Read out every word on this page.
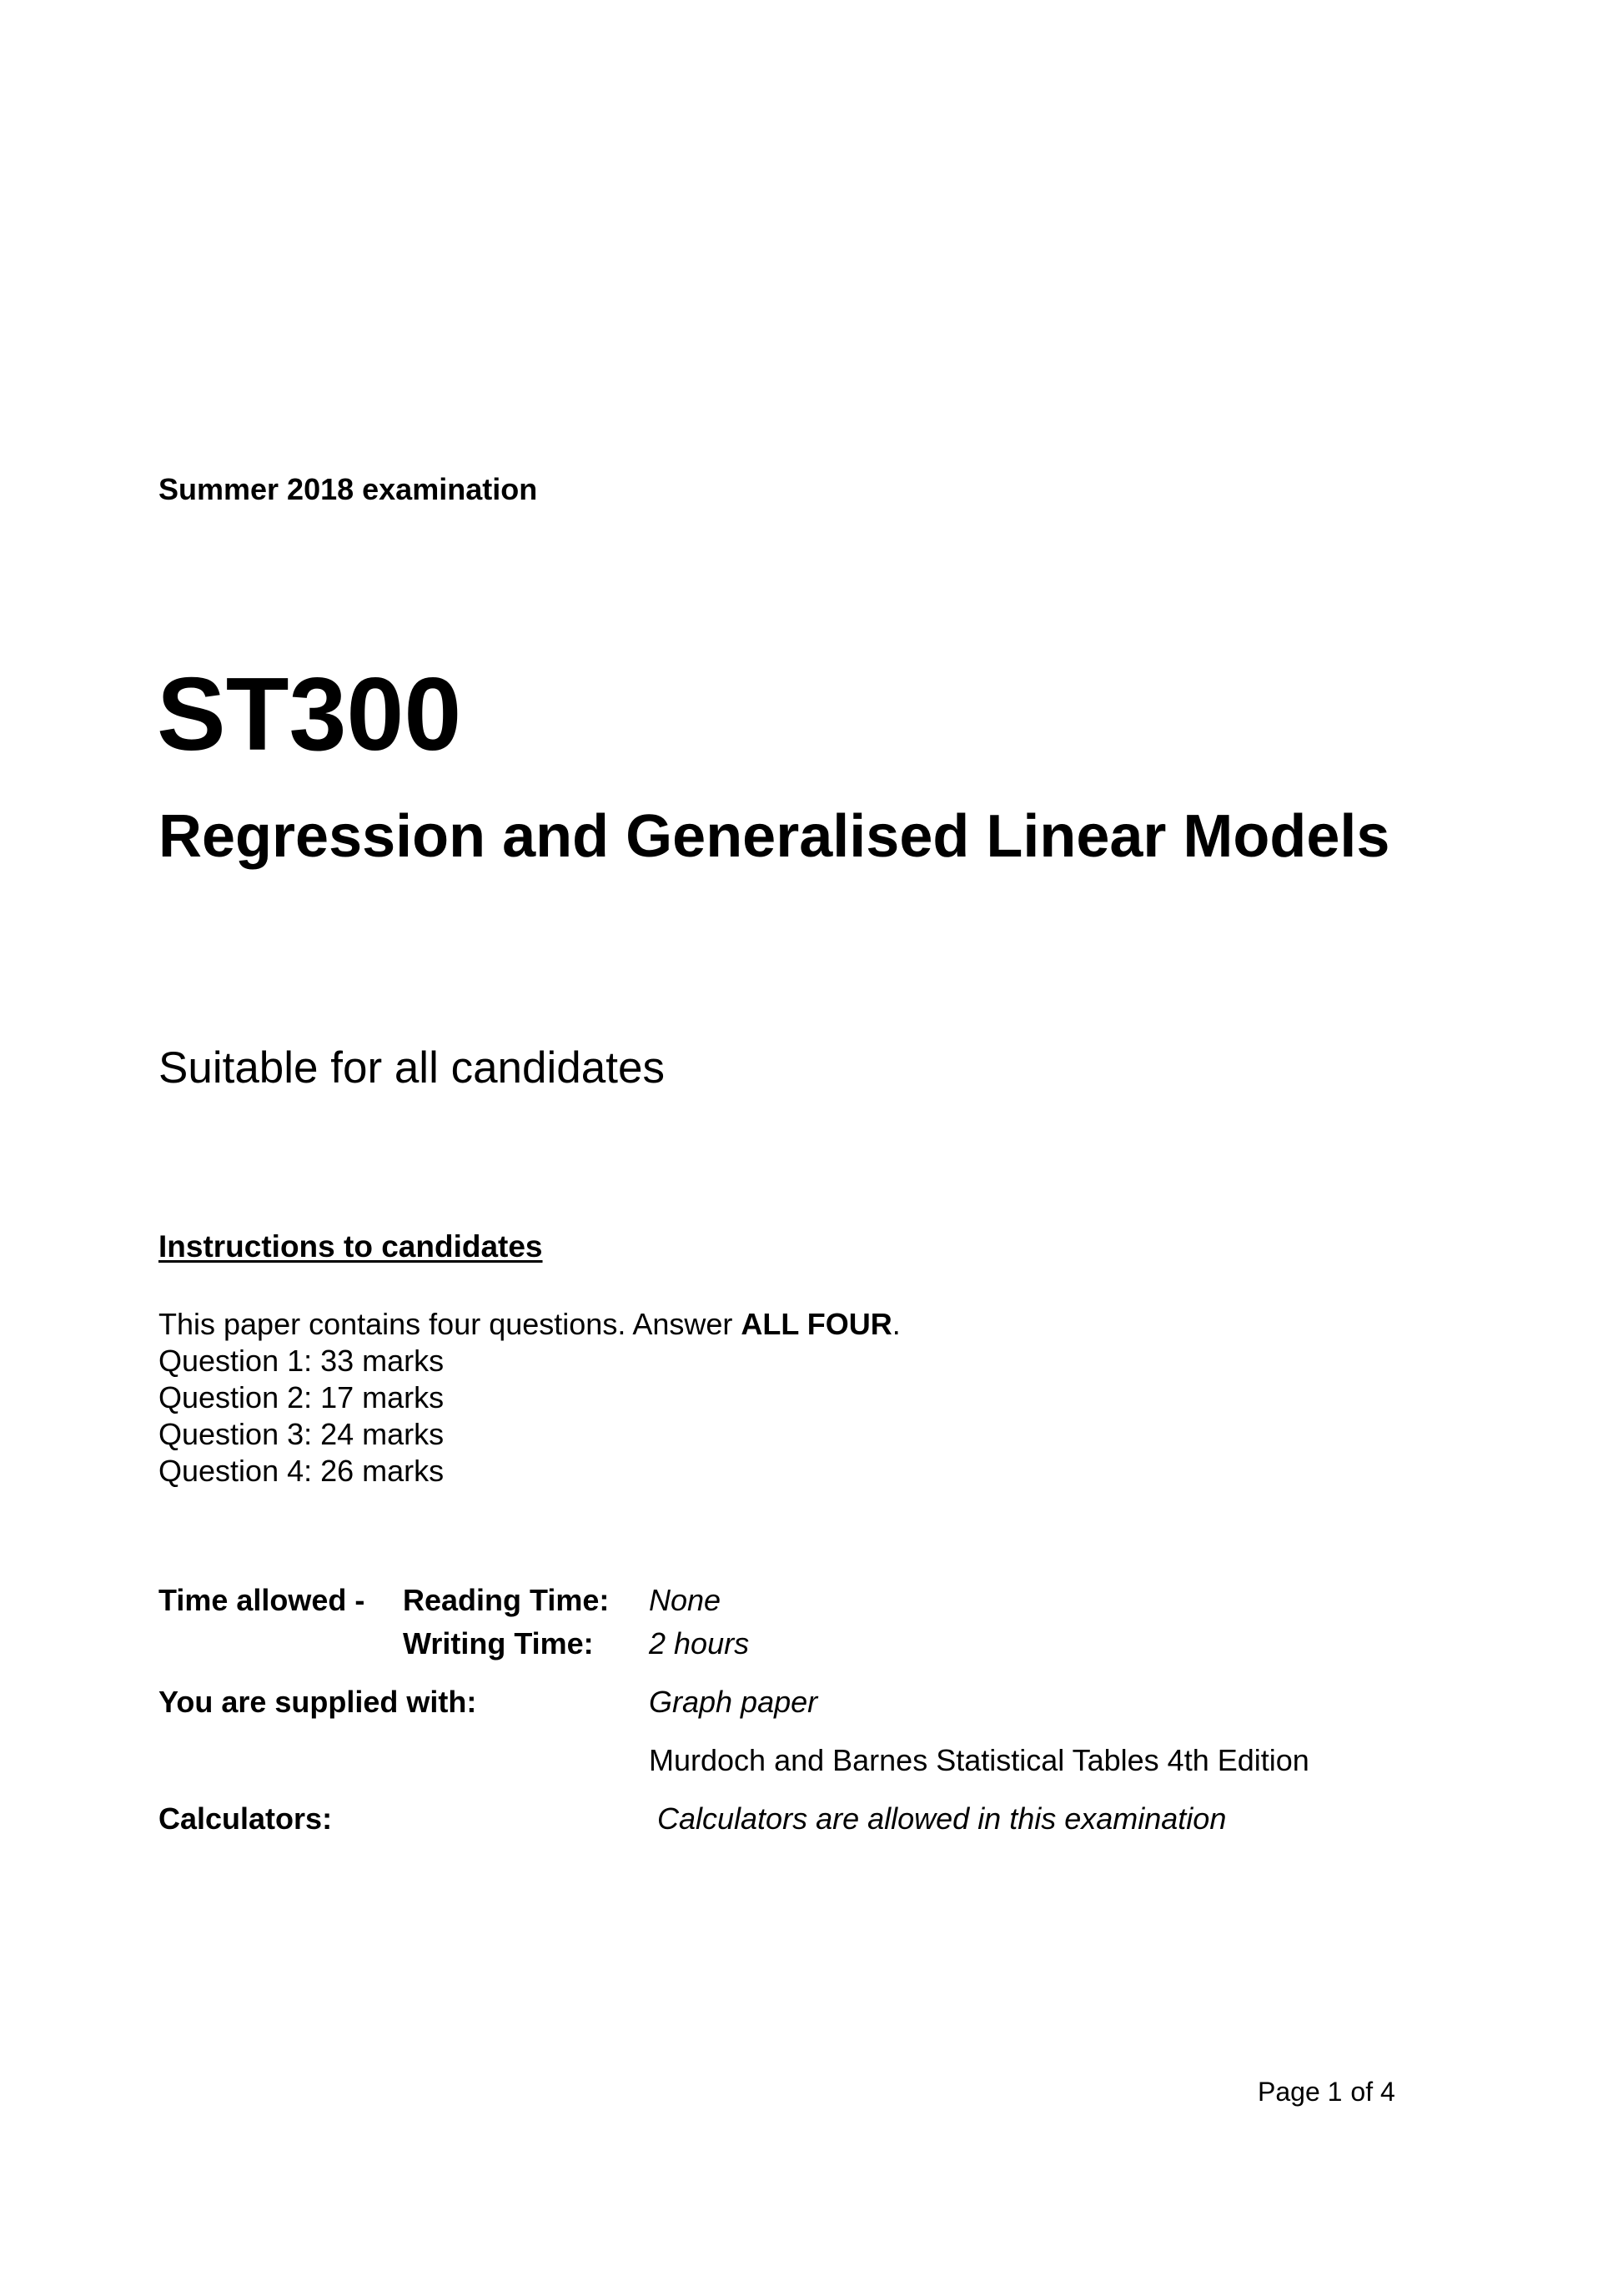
Summer 2018 examination
ST300
Regression and Generalised Linear Models
Suitable for all candidates
Instructions to candidates
This paper contains four questions. Answer ALL FOUR.
Question 1: 33 marks
Question 2: 17 marks
Question 3: 24 marks
Question 4: 26 marks
Time allowed - Reading Time: None
Writing Time: 2 hours
You are supplied with:	Graph paper
Murdoch and Barnes Statistical Tables 4th Edition
Calculators:	Calculators are allowed in this examination
Page 1 of 4
